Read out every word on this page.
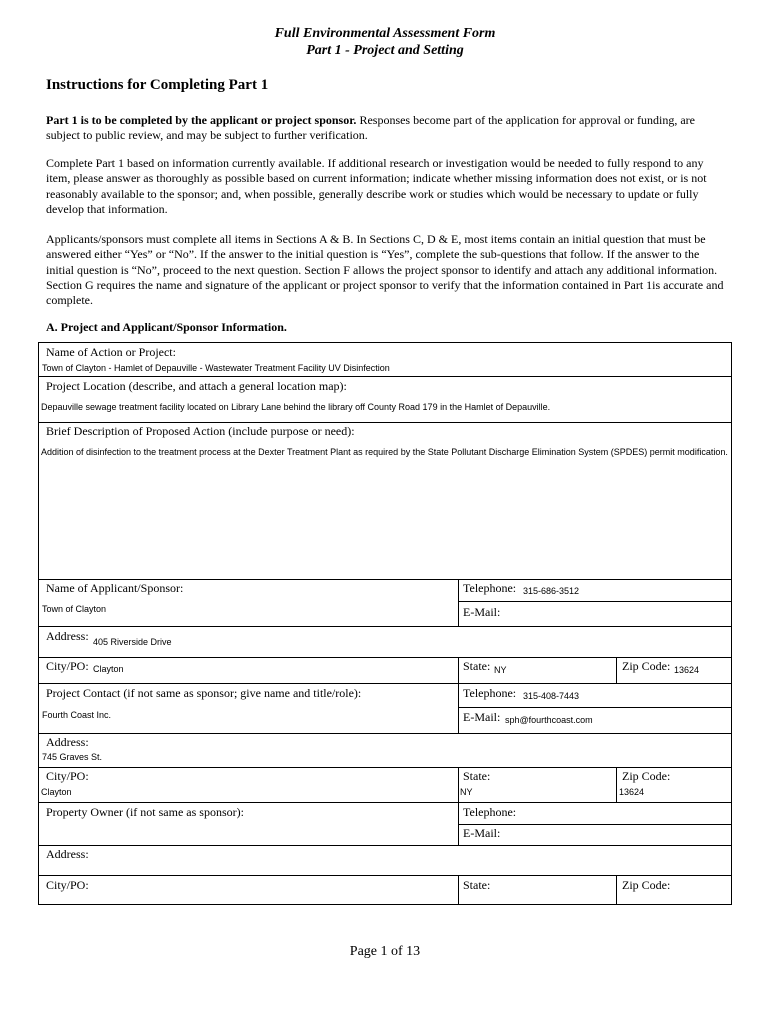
Full Environmental Assessment Form
Part 1 - Project and Setting
Instructions for Completing Part 1
Part 1 is to be completed by the applicant or project sponsor. Responses become part of the application for approval or funding, are subject to public review, and may be subject to further verification.
Complete Part 1 based on information currently available. If additional research or investigation would be needed to fully respond to any item, please answer as thoroughly as possible based on current information; indicate whether missing information does not exist, or is not reasonably available to the sponsor; and, when possible, generally describe work or studies which would be necessary to update or fully develop that information.
Applicants/sponsors must complete all items in Sections A & B. In Sections C, D & E, most items contain an initial question that must be answered either “Yes” or “No”. If the answer to the initial question is “Yes”, complete the sub-questions that follow. If the answer to the initial question is “No”, proceed to the next question. Section F allows the project sponsor to identify and attach any additional information. Section G requires the name and signature of the applicant or project sponsor to verify that the information contained in Part 1is accurate and complete.
A. Project and Applicant/Sponsor Information.
Name of Action or Project:
Town of Clayton - Hamlet of Depauville - Wastewater Treatment Facility UV Disinfection
Project Location (describe, and attach a general location map):
Depauville sewage treatment facility located on Library Lane behind the library off County Road 179 in the Hamlet of Depauville.
Brief Description of Proposed Action (include purpose or need):
Addition of disinfection to the treatment process at the Dexter Treatment Plant as required by the State Pollutant Discharge Elimination System (SPDES) permit modification.
Name of Applicant/Sponsor:
Town of Clayton
Telephone: 315-686-3512
E-Mail:
Address: 405 Riverside Drive
City/PO: Clayton	State: NY	Zip Code: 13624
Project Contact (if not same as sponsor; give name and title/role):
Fourth Coast Inc.
Telephone: 315-408-7443
E-Mail: sph@fourthcoast.com
Address:
745 Graves St.
City/PO:
Clayton
State:
NY
Zip Code:
13624
Property Owner (if not same as sponsor):	Telephone:
E-Mail:
Address:
City/PO:	State:	Zip Code:
Page 1 of 13
